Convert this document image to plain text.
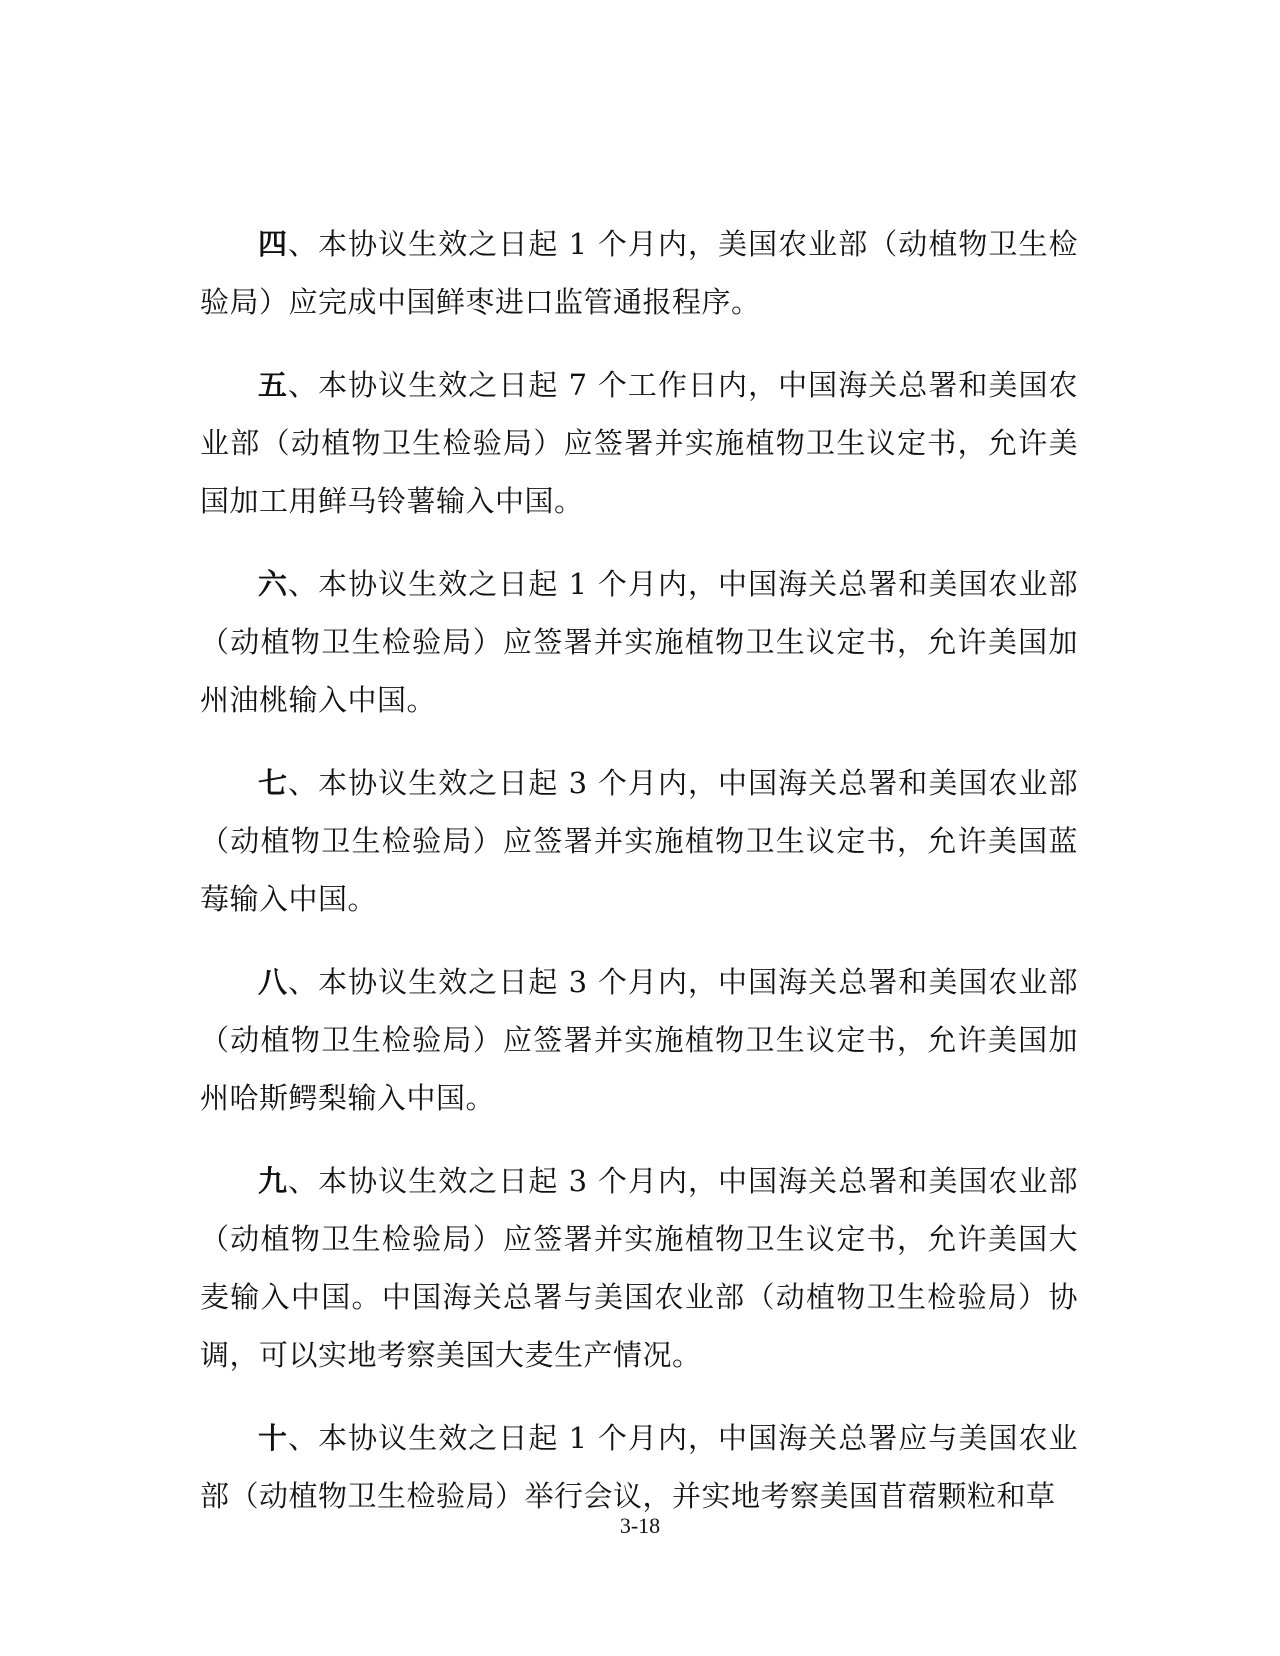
四、本协议生效之日起 1 个月内，美国农业部（动植物卫生检验局）应完成中国鲜枣进口监管通报程序。

五、本协议生效之日起 7 个工作日内，中国海关总署和美国农业部（动植物卫生检验局）应签署并实施植物卫生议定书，允许美国加工用鲜马铃薯输入中国。

六、本协议生效之日起 1 个月内，中国海关总署和美国农业部（动植物卫生检验局）应签署并实施植物卫生议定书，允许美国加州油桃输入中国。

七、本协议生效之日起 3 个月内，中国海关总署和美国农业部（动植物卫生检验局）应签署并实施植物卫生议定书，允许美国蓝莓输入中国。

八、本协议生效之日起 3 个月内，中国海关总署和美国农业部（动植物卫生检验局）应签署并实施植物卫生议定书，允许美国加州哈斯鳄梨输入中国。

九、本协议生效之日起 3 个月内，中国海关总署和美国农业部（动植物卫生检验局）应签署并实施植物卫生议定书，允许美国大麦输入中国。中国海关总署与美国农业部（动植物卫生检验局）协调，可以实地考察美国大麦生产情况。

十、本协议生效之日起 1 个月内，中国海关总署应与美国农业部（动植物卫生检验局）举行会议，并实地考察美国苜蓿颗粒和草

3-18
